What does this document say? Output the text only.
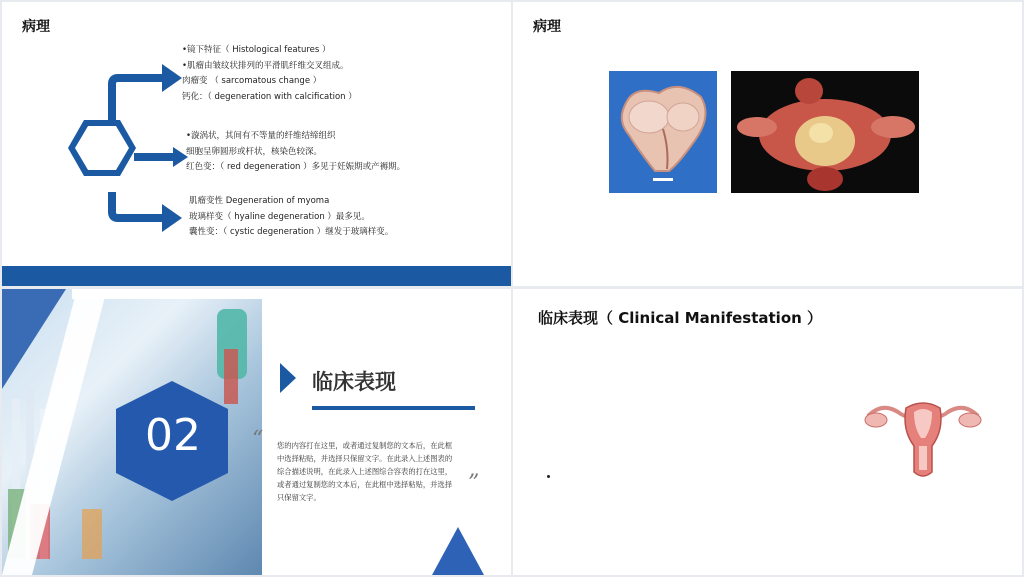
病理
•镜下特征（ Histological features ）
•肌瘤由皱纹状排列的平滑肌纤维交叉组成。
肉瘤变 （ sarcomatous change ）
钙化：（ degeneration with calcification ）
•漩涡状，其间有不等量的纤维结缔组织
细胞呈卵圆形或杆状，核染色较深。
红色变：（ red degeneration ）多见于妊娠期或产褥期。
肌瘤变性 Degeneration of myoma
玻璃样变（ hyaline degeneration ）最多见。
囊性变：（ cystic degeneration ）继发于玻璃样变。
病理
02
临床表现
“ 您的内容打在这里，或者通过复制您的文本后，在此框
中选择粘贴，并选择只保留文字。在此录入上述图表的
综合描述说明，在此录入上述图综合容表的打在这里，
或者通过复制您的文本后，在此框中选择粘贴，并选择
只保留文字。
”
临床表现（ Clinical Manifestation ）
